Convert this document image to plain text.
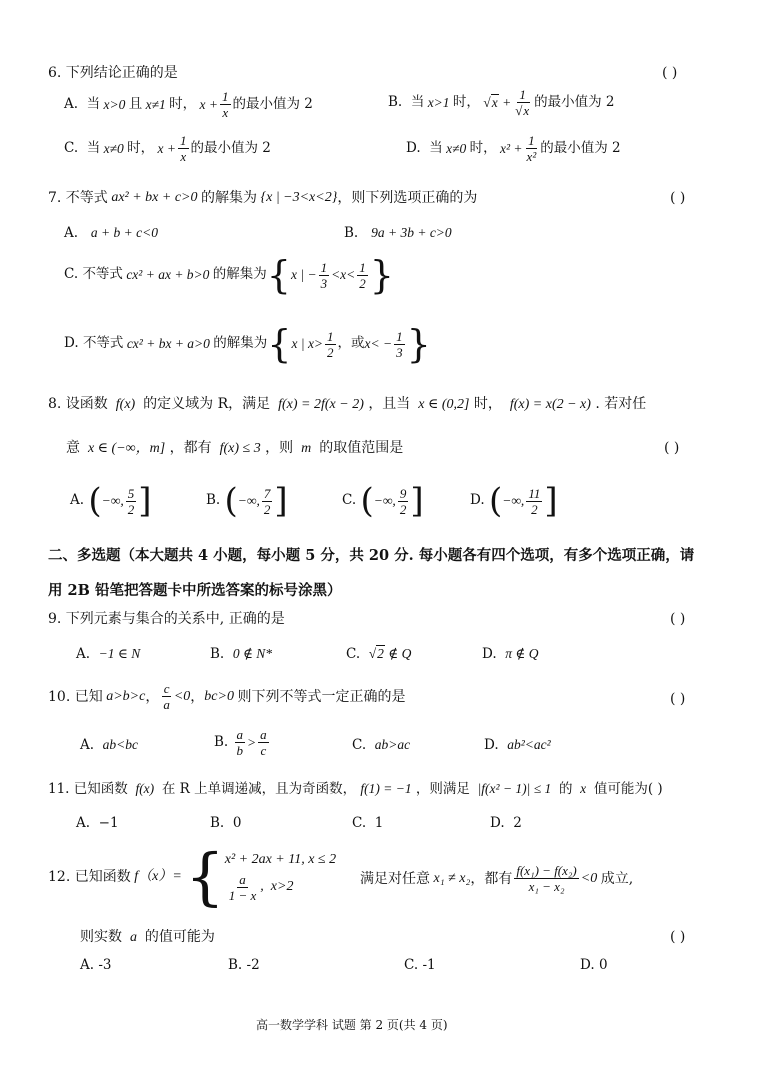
6. 下列结论正确的是	( )
A.
当 x>0 且 x≠1 时， $x + \frac{1}{x}$ 的最小值为 2	B.
当 x>1 时， $√x + \frac{1}{√x}$ 的最小值为 2
C.
当 x≠0 时， $x + \frac{1}{x}$ 的最小值为 2	D.
当 x≠0 时， $x^2 + \frac{1}{\text{x²}}$ 的最小值为 2
7. 不等式 ax² + bx + c>0 的解集为 {x | −3<x<2} ，则下列选项正确的为	( )
A. a + b + c<0	B. 9a + 3b + c>0
C.
不等式 cx² + ax + b>0 的解集为 { x | − $\frac{1}{3} <x<$
1
2 }
D.
不等式 cx² + bx + a>0 的解集为 { x | x>
1
2
， 或 $x< - \frac{1}{3}$ }
8. 设函数  f(x)  的定义域为 R，满足  f(x) = 2f(x − 2) ，且当  x ∈ (0,2] 时，  f(x) = x(2 − x) . 若对任
意  x ∈ (−∞，m] ，都有  f(x) ≤ 3 ，则  m  的取值范围是	( )
A.
( −∞,
5
2 ]	B.
( −∞,
7
2 ]	C.
( −∞,
9
2 ]	D.
( −∞,
11
2 ]
二、多选题（本大题共 4 小题，每小题 5 分，共 20 分. 每小题各有四个选项，有多个选项正确，请
用 2B 铅笔把答题卡中所选答案的标号涂黑）
9. 下列元素与集合的关系中, 正确的是	( )
A. −1 ∈ N	B. 0 ∉ N*	C. √2 ∉ Q	D. π ∉ Q
10. 已知 a>b>c ， c
a
<0 ， bc>0 则下列不等式一定正确的是	( )
A. ab<bc	B.
a
b
>
a
c	C. ab>ac	D. ab²<ac²
11. 已知函数  f(x)  在 R 上单调递减，且为奇函数， f(1) = −1 ，则满足  |f(x² − 1)| ≤ 1  的  x  值可能为( )
A. −1	B. 0	C. 1	D. 2
12. 已知函数 f（x）= { x² + 2ax + 11, x ≤ 2
a
1 − x
, x>2	满足对任意 x₁ ≠ x₂ ，都有 f(x₁) − f(x₂)
x₁ − x₂
<0 成立,
则实数  a  的值可能为	( )
A. -3	B. -2	C. -1	D. 0
高一数学学科 试题 第 2 页(共 4 页)
